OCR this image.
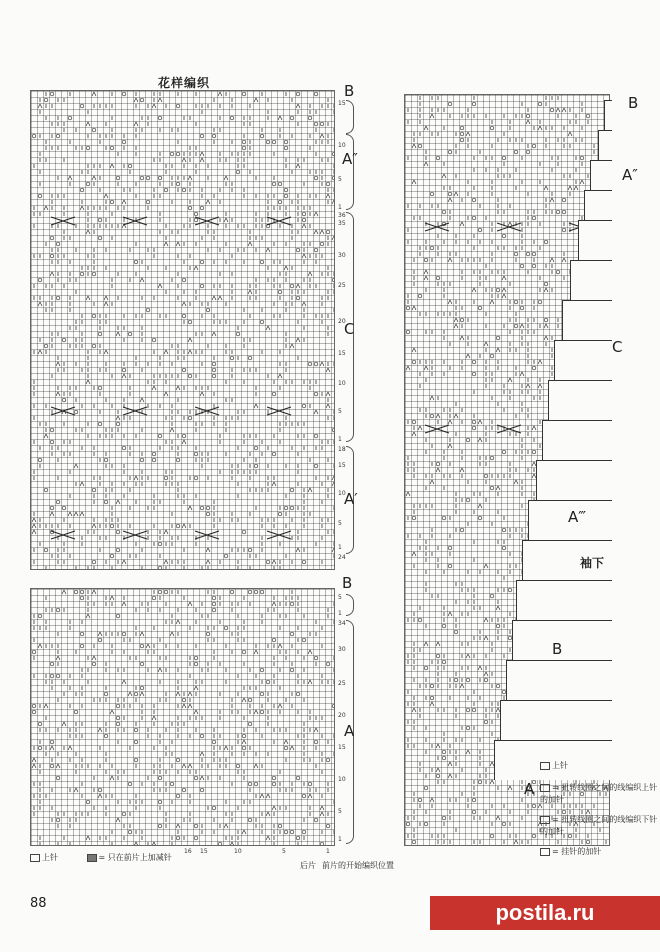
花样编织
15
10
5
1
36
35
30
25
20
15
10
5
1
18
15
10
5
1
24
B
A″
C
A′
B
5
1
34
30
25
20
15
10
5
1
16 15	10	5	1
A
B
A″
C
A‴
B
A
袖下
上针	= 只在前片上加减针
后片 前片的开始编织位置
上针
= 扭转线圈之间的线编织上针的加针
= 扭转线圈之间的线编织下针的加针
= 挂针的加针
88	postila.ru
